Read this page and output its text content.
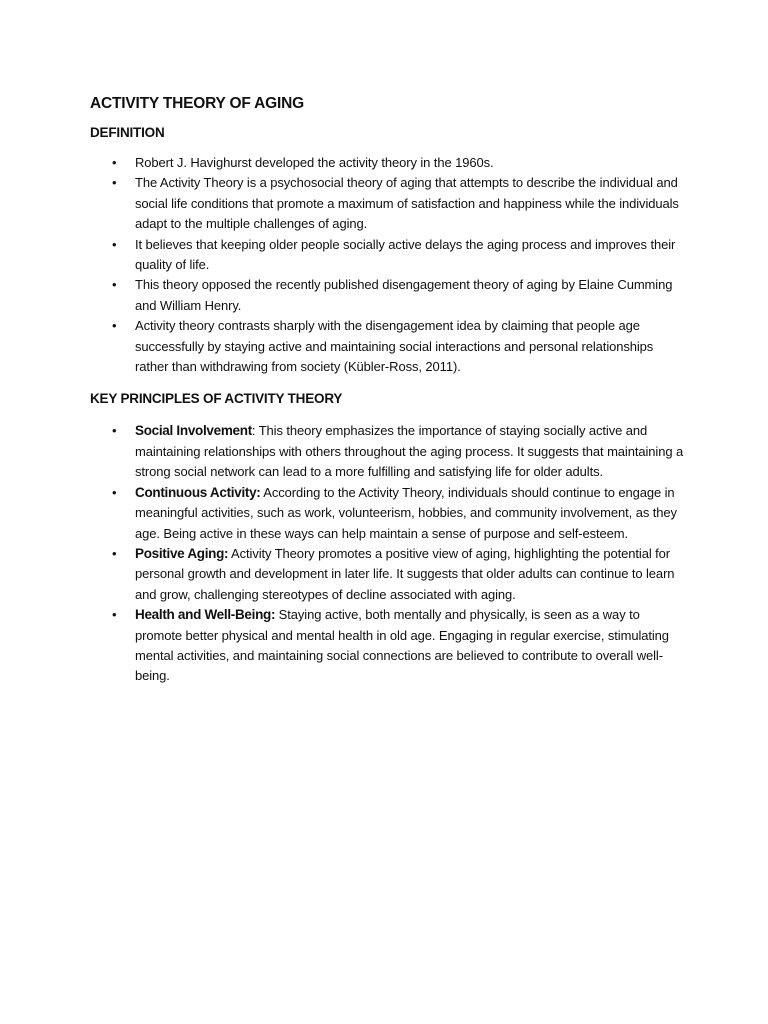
ACTIVITY THEORY OF AGING
DEFINITION
• Robert J. Havighurst developed the activity theory in the 1960s.
• The Activity Theory is a psychosocial theory of aging that attempts to describe the individual and social life conditions that promote a maximum of satisfaction and happiness while the individuals adapt to the multiple challenges of aging.
• It believes that keeping older people socially active delays the aging process and improves their quality of life.
• This theory opposed the recently published disengagement theory of aging by Elaine Cumming and William Henry.
• Activity theory contrasts sharply with the disengagement idea by claiming that people age successfully by staying active and maintaining social interactions and personal relationships rather than withdrawing from society (Kübler-Ross, 2011).
KEY PRINCIPLES OF ACTIVITY THEORY
• Social Involvement: This theory emphasizes the importance of staying socially active and maintaining relationships with others throughout the aging process. It suggests that maintaining a strong social network can lead to a more fulfilling and satisfying life for older adults.
• Continuous Activity: According to the Activity Theory, individuals should continue to engage in meaningful activities, such as work, volunteerism, hobbies, and community involvement, as they age. Being active in these ways can help maintain a sense of purpose and self-esteem.
• Positive Aging: Activity Theory promotes a positive view of aging, highlighting the potential for personal growth and development in later life. It suggests that older adults can continue to learn and grow, challenging stereotypes of decline associated with aging.
• Health and Well-Being: Staying active, both mentally and physically, is seen as a way to promote better physical and mental health in old age. Engaging in regular exercise, stimulating mental activities, and maintaining social connections are believed to contribute to overall well-being.
